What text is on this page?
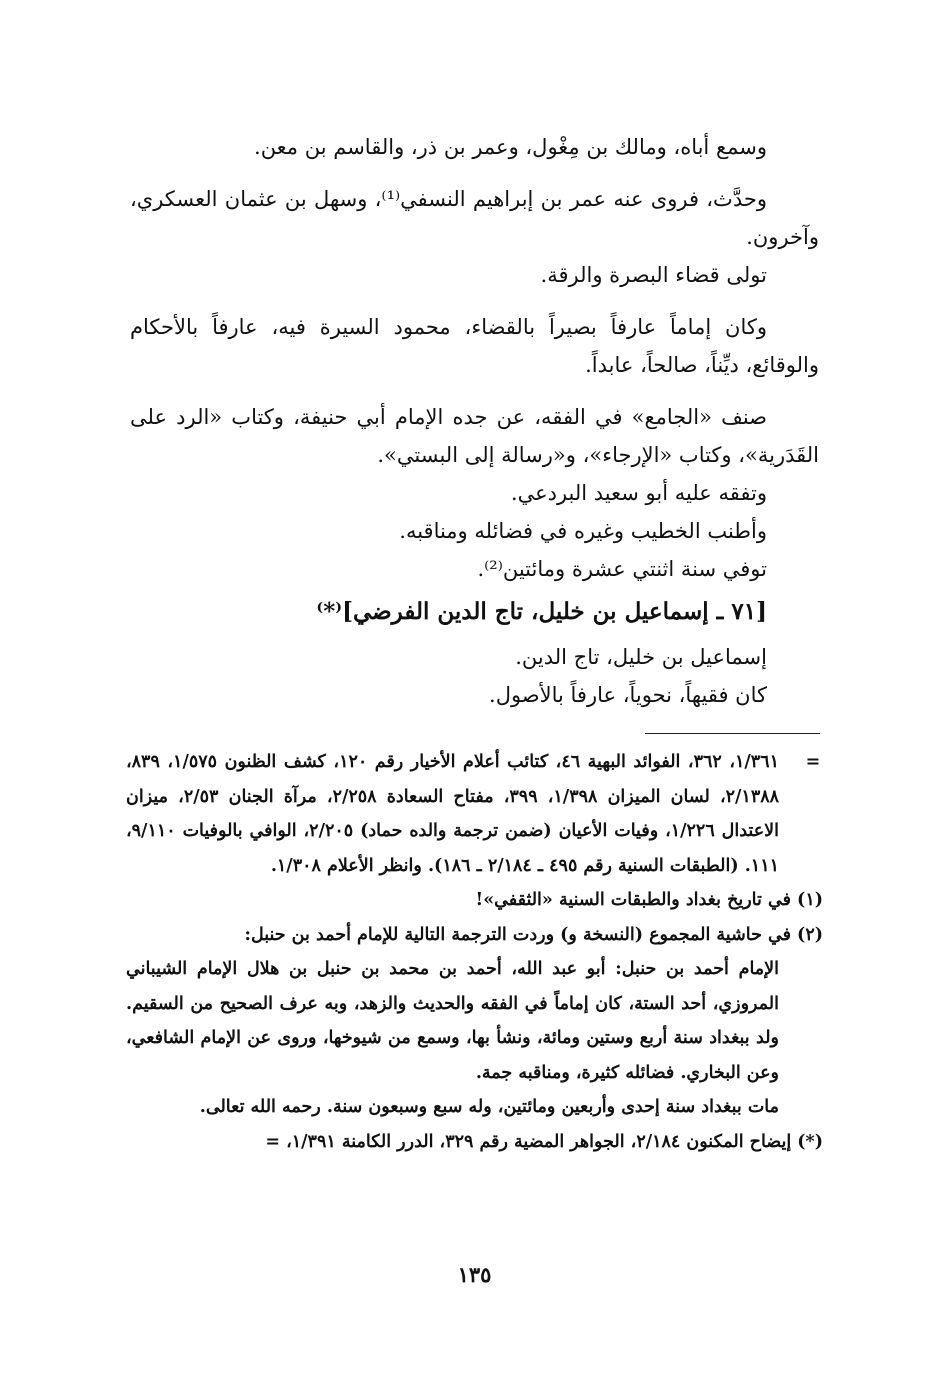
وسمع أباه، ومالك بن مِغْول، وعمر بن ذر، والقاسم بن معن.

وحدَّث، فروى عنه عمر بن إبراهيم النسفي⁽¹⁾، وسهل بن عثمان العسكري، وآخرون.

تولى قضاء البصرة والرقة.

وكان إماماً عارفاً بصيراً بالقضاء، محمود السيرة فيه، عارفاً بالأحكام والوقائع، ديِّناً، صالحاً، عابداً.

صنف «الجامع» في الفقه، عن جده الإمام أبي حنيفة، وكتاب «الرد على القَدَرية»، وكتاب «الإرجاء»، و«رسالة إلى البستي».

وتفقه عليه أبو سعيد البردعي.

وأطنب الخطيب وغيره في فضائله ومناقبه.

توفي سنة اثنتي عشرة ومائتين⁽²⁾.

[٧١ ـ إسماعيل بن خليل، تاج الدين الفرضي]⁽*⁾

إسماعيل بن خليل، تاج الدين.

كان فقيهاً، نحوياً، عارفاً بالأصول.

=

١/٣٦١، ٣٦٢، الفوائد البهية ٤٦، كتائب أعلام الأخيار رقم ١٢٠، كشف الظنون ١/٥٧٥، ٨٣٩، ٢/١٣٨٨، لسان الميزان ١/٣٩٨، ٣٩٩، مفتاح السعادة ٢/٢٥٨، مرآة الجنان ٢/٥٣، ميزان الاعتدال ١/٢٢٦، وفيات الأعيان (ضمن ترجمة والده حماد) ٢/٢٠٥، الوافي بالوفيات ٩/١١٠، ١١١. (الطبقات السنية رقم ٤٩٥ ـ ٢/١٨٤ ـ ١٨٦). وانظر الأعلام ١/٣٠٨.

(١) في تاريخ بغداد والطبقات السنية «الثقفي»!

(٢) في حاشية المجموع (النسخة و) وردت الترجمة التالية للإمام أحمد بن حنبل:

الإمام أحمد بن حنبل: أبو عبد الله، أحمد بن محمد بن حنبل بن هلال الإمام الشيباني المروزي، أحد الستة، كان إماماً في الفقه والحديث والزهد، وبه عرف الصحيح من السقيم. ولد ببغداد سنة أربع وستين ومائة، ونشأ بها، وسمع من شيوخها، وروى عن الإمام الشافعي، وعن البخاري. فضائله كثيرة، ومناقبه جمة.

مات ببغداد سنة إحدى وأربعين ومائتين، وله سبع وسبعون سنة. رحمه الله تعالى.

(*) إيضاح المكنون ٢/١٨٤، الجواهر المضية رقم ٣٢٩، الدرر الكامنة ١/٣٩١، =

١٣٥
